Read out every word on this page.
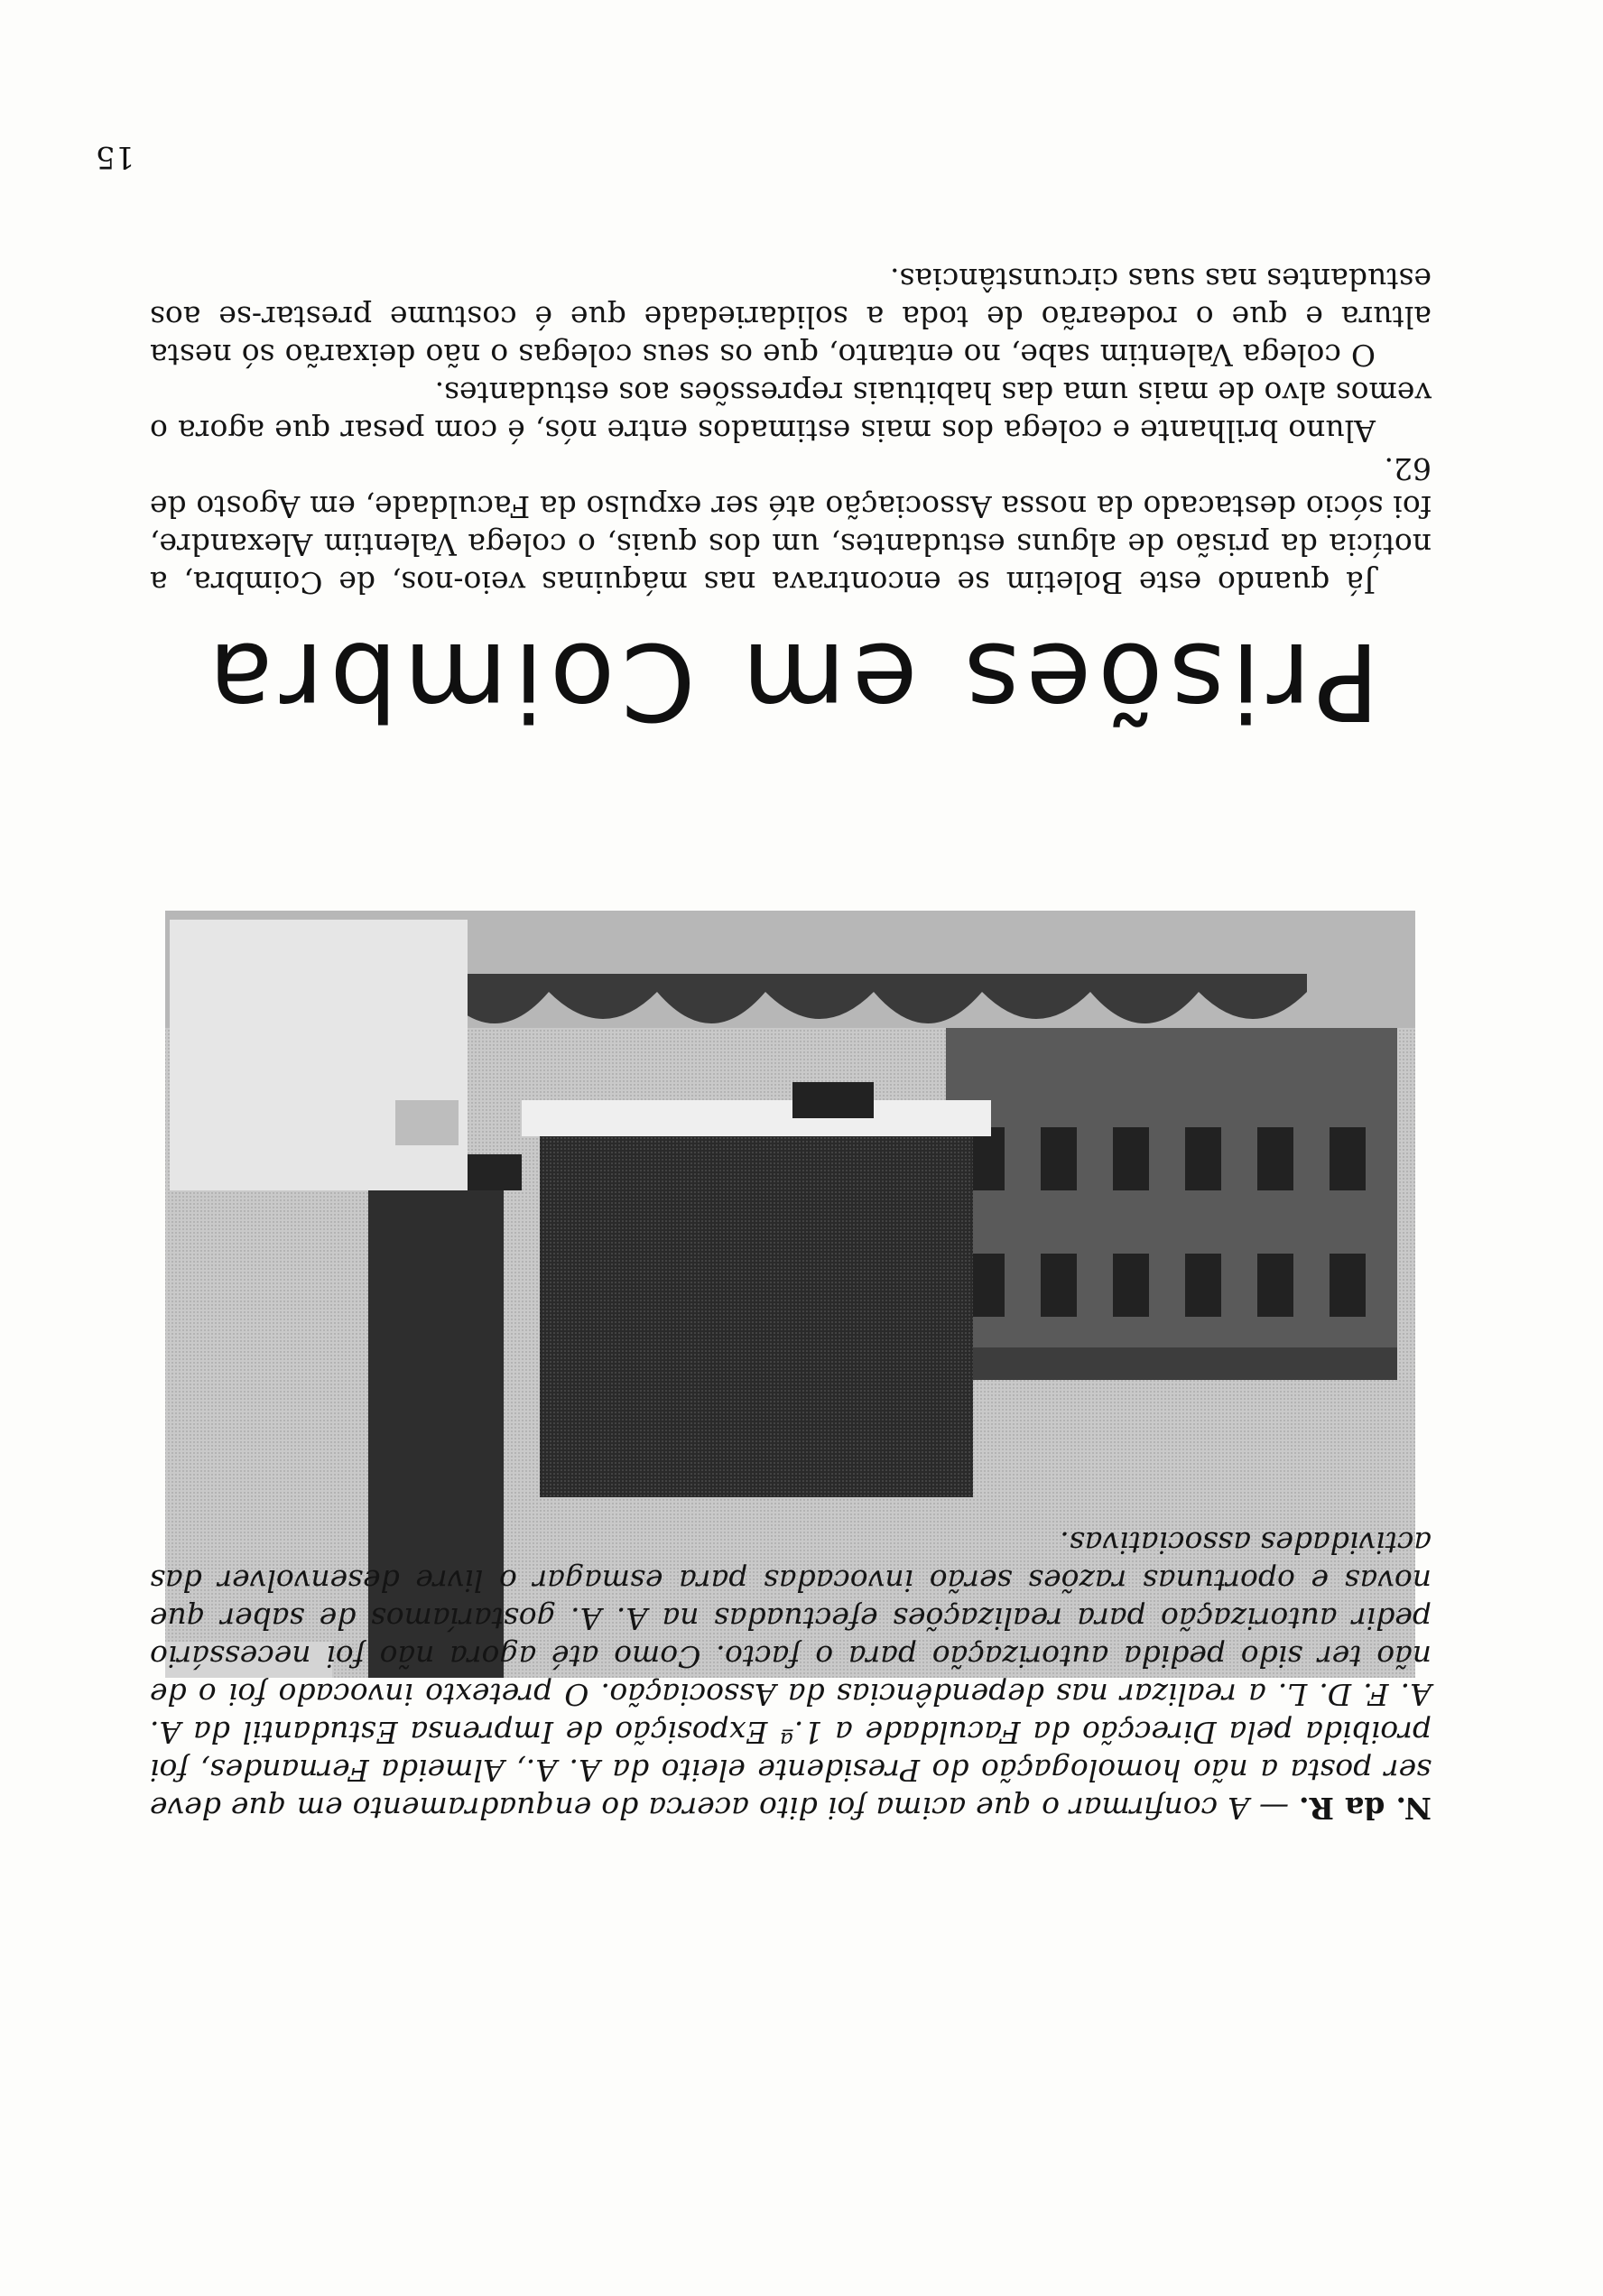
15
Prisões em Coimbra

Já quando este Boletim se encontrava nas máquinas veio-nos, de Coimbra, a notícia da prisão de alguns estudantes, um dos quais, o colega Valentim Alexandre, foi sócio destacado da nossa Associação até ser expulso da Faculdade, em Agosto de 62.

Aluno brilhante e colega dos mais estimados entre nós, é com pesar que agora o vemos alvo de mais uma das habituais repressões aos estudantes.

O colega Valentim sabe, no entanto, que os seus colegas o não deixarão só nesta altura e que o rodearão de toda a solidariedade que é costume prestar-se aos estudantes nas suas circunstâncias.

N. da R. — A confirmar o que acima foi dito acerca do enquadramento em que deve ser posta a não homologação do Presidente eleito da A. A., Almeida Fernandes, foi proibida pela Direcção da Faculdade a 1.ª Exposição de Imprensa Estudantil da A. A. F. D. L. a realizar nas dependências da Associação. O pretexto invocado foi o de não ter sido pedida autorização para o facto. Como até agora não foi necessário pedir autorização para realizações efectuadas na A. A. gostaríamos de saber que novas e oportunas razões serão invocadas para esmagar o livre desenvolver das actividades associativas.
